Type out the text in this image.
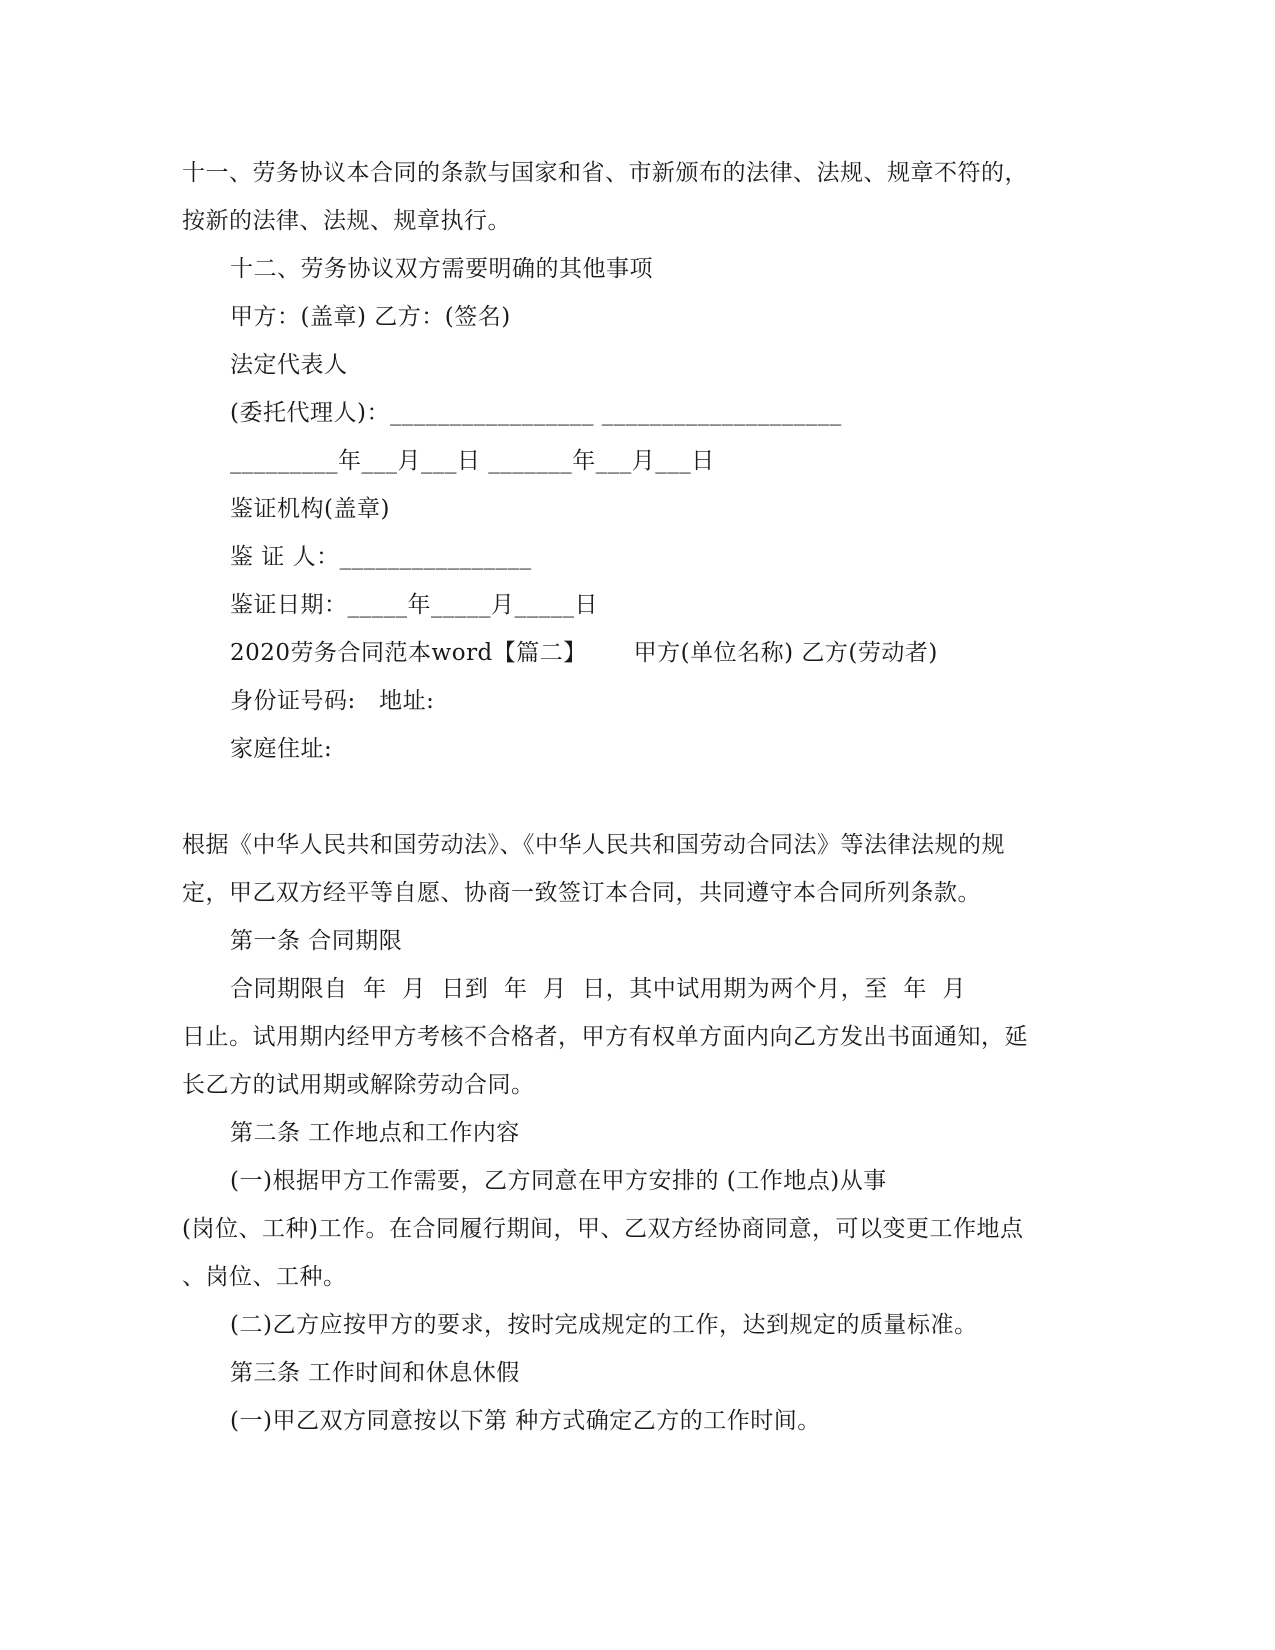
十一、劳务协议本合同的条款与国家和省、市新颁布的法律、法规、规章不符的，
按新的法律、法规、规章执行。
十二、劳务协议双方需要明确的其他事项
甲方：(盖章) 乙方：(签名)
法定代表人
(委托代理人)：_________________ ____________________
_________年___月___日 _______年___月___日
鉴证机构(盖章)
鉴 证 人：________________
鉴证日期：_____年_____月_____日
2020劳务合同范本word【篇二】      甲方(单位名称) 乙方(劳动者)
身份证号码:   地址:
家庭住址:
根据《中华人民共和国劳动法》、《中华人民共和国劳动合同法》等法律法规的规
定，甲乙双方经平等自愿、协商一致签订本合同，共同遵守本合同所列条款。
第一条 合同期限
合同期限自  年  月  日到  年  月  日，其中试用期为两个月，至  年  月
日止。试用期内经甲方考核不合格者，甲方有权单方面内向乙方发出书面通知，延
长乙方的试用期或解除劳动合同。
第二条 工作地点和工作内容
(一)根据甲方工作需要，乙方同意在甲方安排的 (工作地点)从事
(岗位、工种)工作。在合同履行期间，甲、乙双方经协商同意，可以变更工作地点
、岗位、工种。
(二)乙方应按甲方的要求，按时完成规定的工作，达到规定的质量标准。
第三条 工作时间和休息休假
(一)甲乙双方同意按以下第 种方式确定乙方的工作时间。
